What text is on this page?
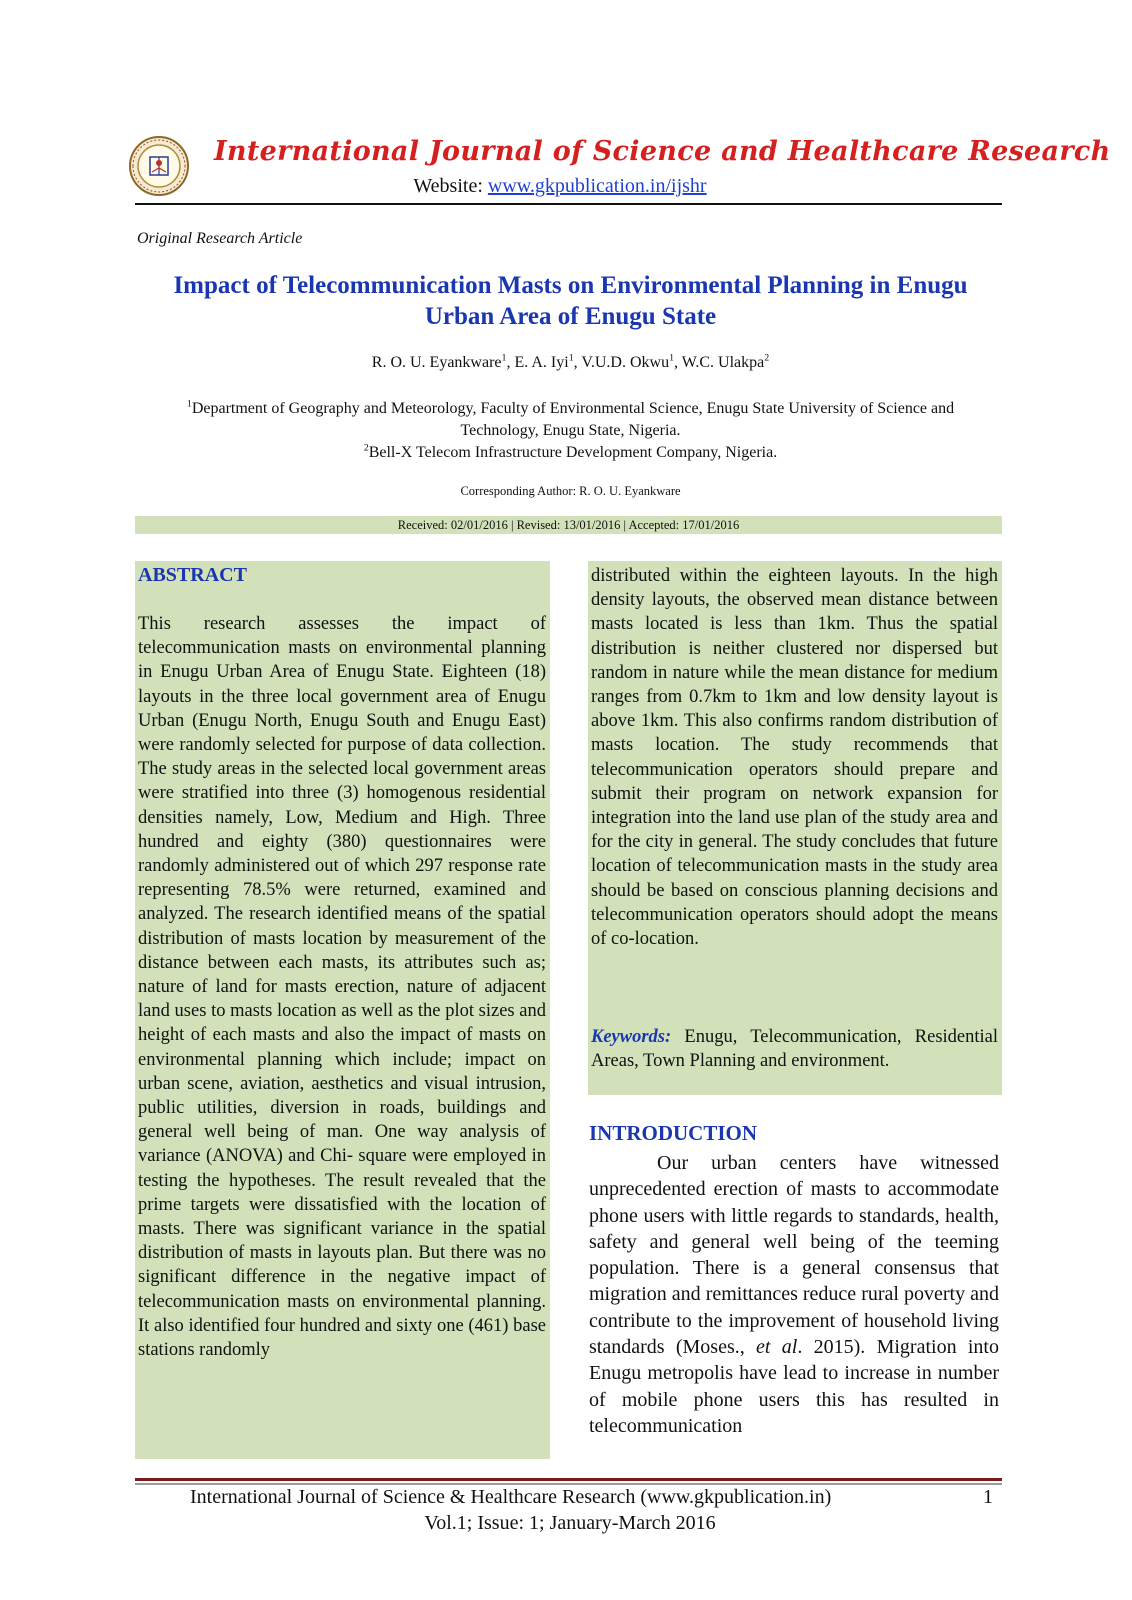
International Journal of Science and Healthcare Research
Website: www.gkpublication.in/ijshr
Original Research Article
Impact of Telecommunication Masts on Environmental Planning in Enugu Urban Area of Enugu State
R. O. U. Eyankware$^1$, E. A. Iyi$^1$, V.U.D. Okwu$^1$, W.C. Ulakpa$^2$
$^1$Department of Geography and Meteorology, Faculty of Environmental Science, Enugu State University of Science and Technology, Enugu State, Nigeria.
$^2$Bell-X Telecom Infrastructure Development Company, Nigeria.
Corresponding Author: R. O. U. Eyankware
Received: 02/01/2016 | Revised: 13/01/2016 | Accepted: 17/01/2016
ABSTRACT
This research assesses the impact of telecommunication masts on environmental planning in Enugu Urban Area of Enugu State. Eighteen (18) layouts in the three local government area of Enugu Urban (Enugu North, Enugu South and Enugu East) were randomly selected for purpose of data collection. The study areas in the selected local government areas were stratified into three (3) homogenous residential densities namely, Low, Medium and High. Three hundred and eighty (380) questionnaires were randomly administered out of which 297 response rate representing 78.5% were returned, examined and analyzed. The research identified means of the spatial distribution of masts location by measurement of the distance between each masts, its attributes such as; nature of land for masts erection, nature of adjacent land uses to masts location as well as the plot sizes and height of each masts and also the impact of masts on environmental planning which include; impact on urban scene, aviation, aesthetics and visual intrusion, public utilities, diversion in roads, buildings and general well being of man. One way analysis of variance (ANOVA) and Chi- square were employed in testing the hypotheses. The result revealed that the prime targets were dissatisfied with the location of masts. There was significant variance in the spatial distribution of masts in layouts plan. But there was no significant difference in the negative impact of telecommunication masts on environmental planning. It also identified four hundred and sixty one (461) base stations randomly
distributed within the eighteen layouts. In the high density layouts, the observed mean distance between masts located is less than 1km. Thus the spatial distribution is neither clustered nor dispersed but random in nature while the mean distance for medium ranges from 0.7km to 1km and low density layout is above 1km. This also confirms random distribution of masts location. The study recommends that telecommunication operators should prepare and submit their program on network expansion for integration into the land use plan of the study area and for the city in general. The study concludes that future location of telecommunication masts in the study area should be based on conscious planning decisions and telecommunication operators should adopt the means of co-location.
Keywords: Enugu, Telecommunication, Residential Areas, Town Planning and environment.
INTRODUCTION
Our urban centers have witnessed unprecedented erection of masts to accommodate phone users with little regards to standards, health, safety and general well being of the teeming population. There is a general consensus that migration and remittances reduce rural poverty and contribute to the improvement of household living standards (Moses., et al. 2015). Migration into Enugu metropolis have lead to increase in number of mobile phone users this has resulted in telecommunication
International Journal of Science & Healthcare Research (www.gkpublication.in)
Vol.1; Issue: 1; January-March 2016
1
